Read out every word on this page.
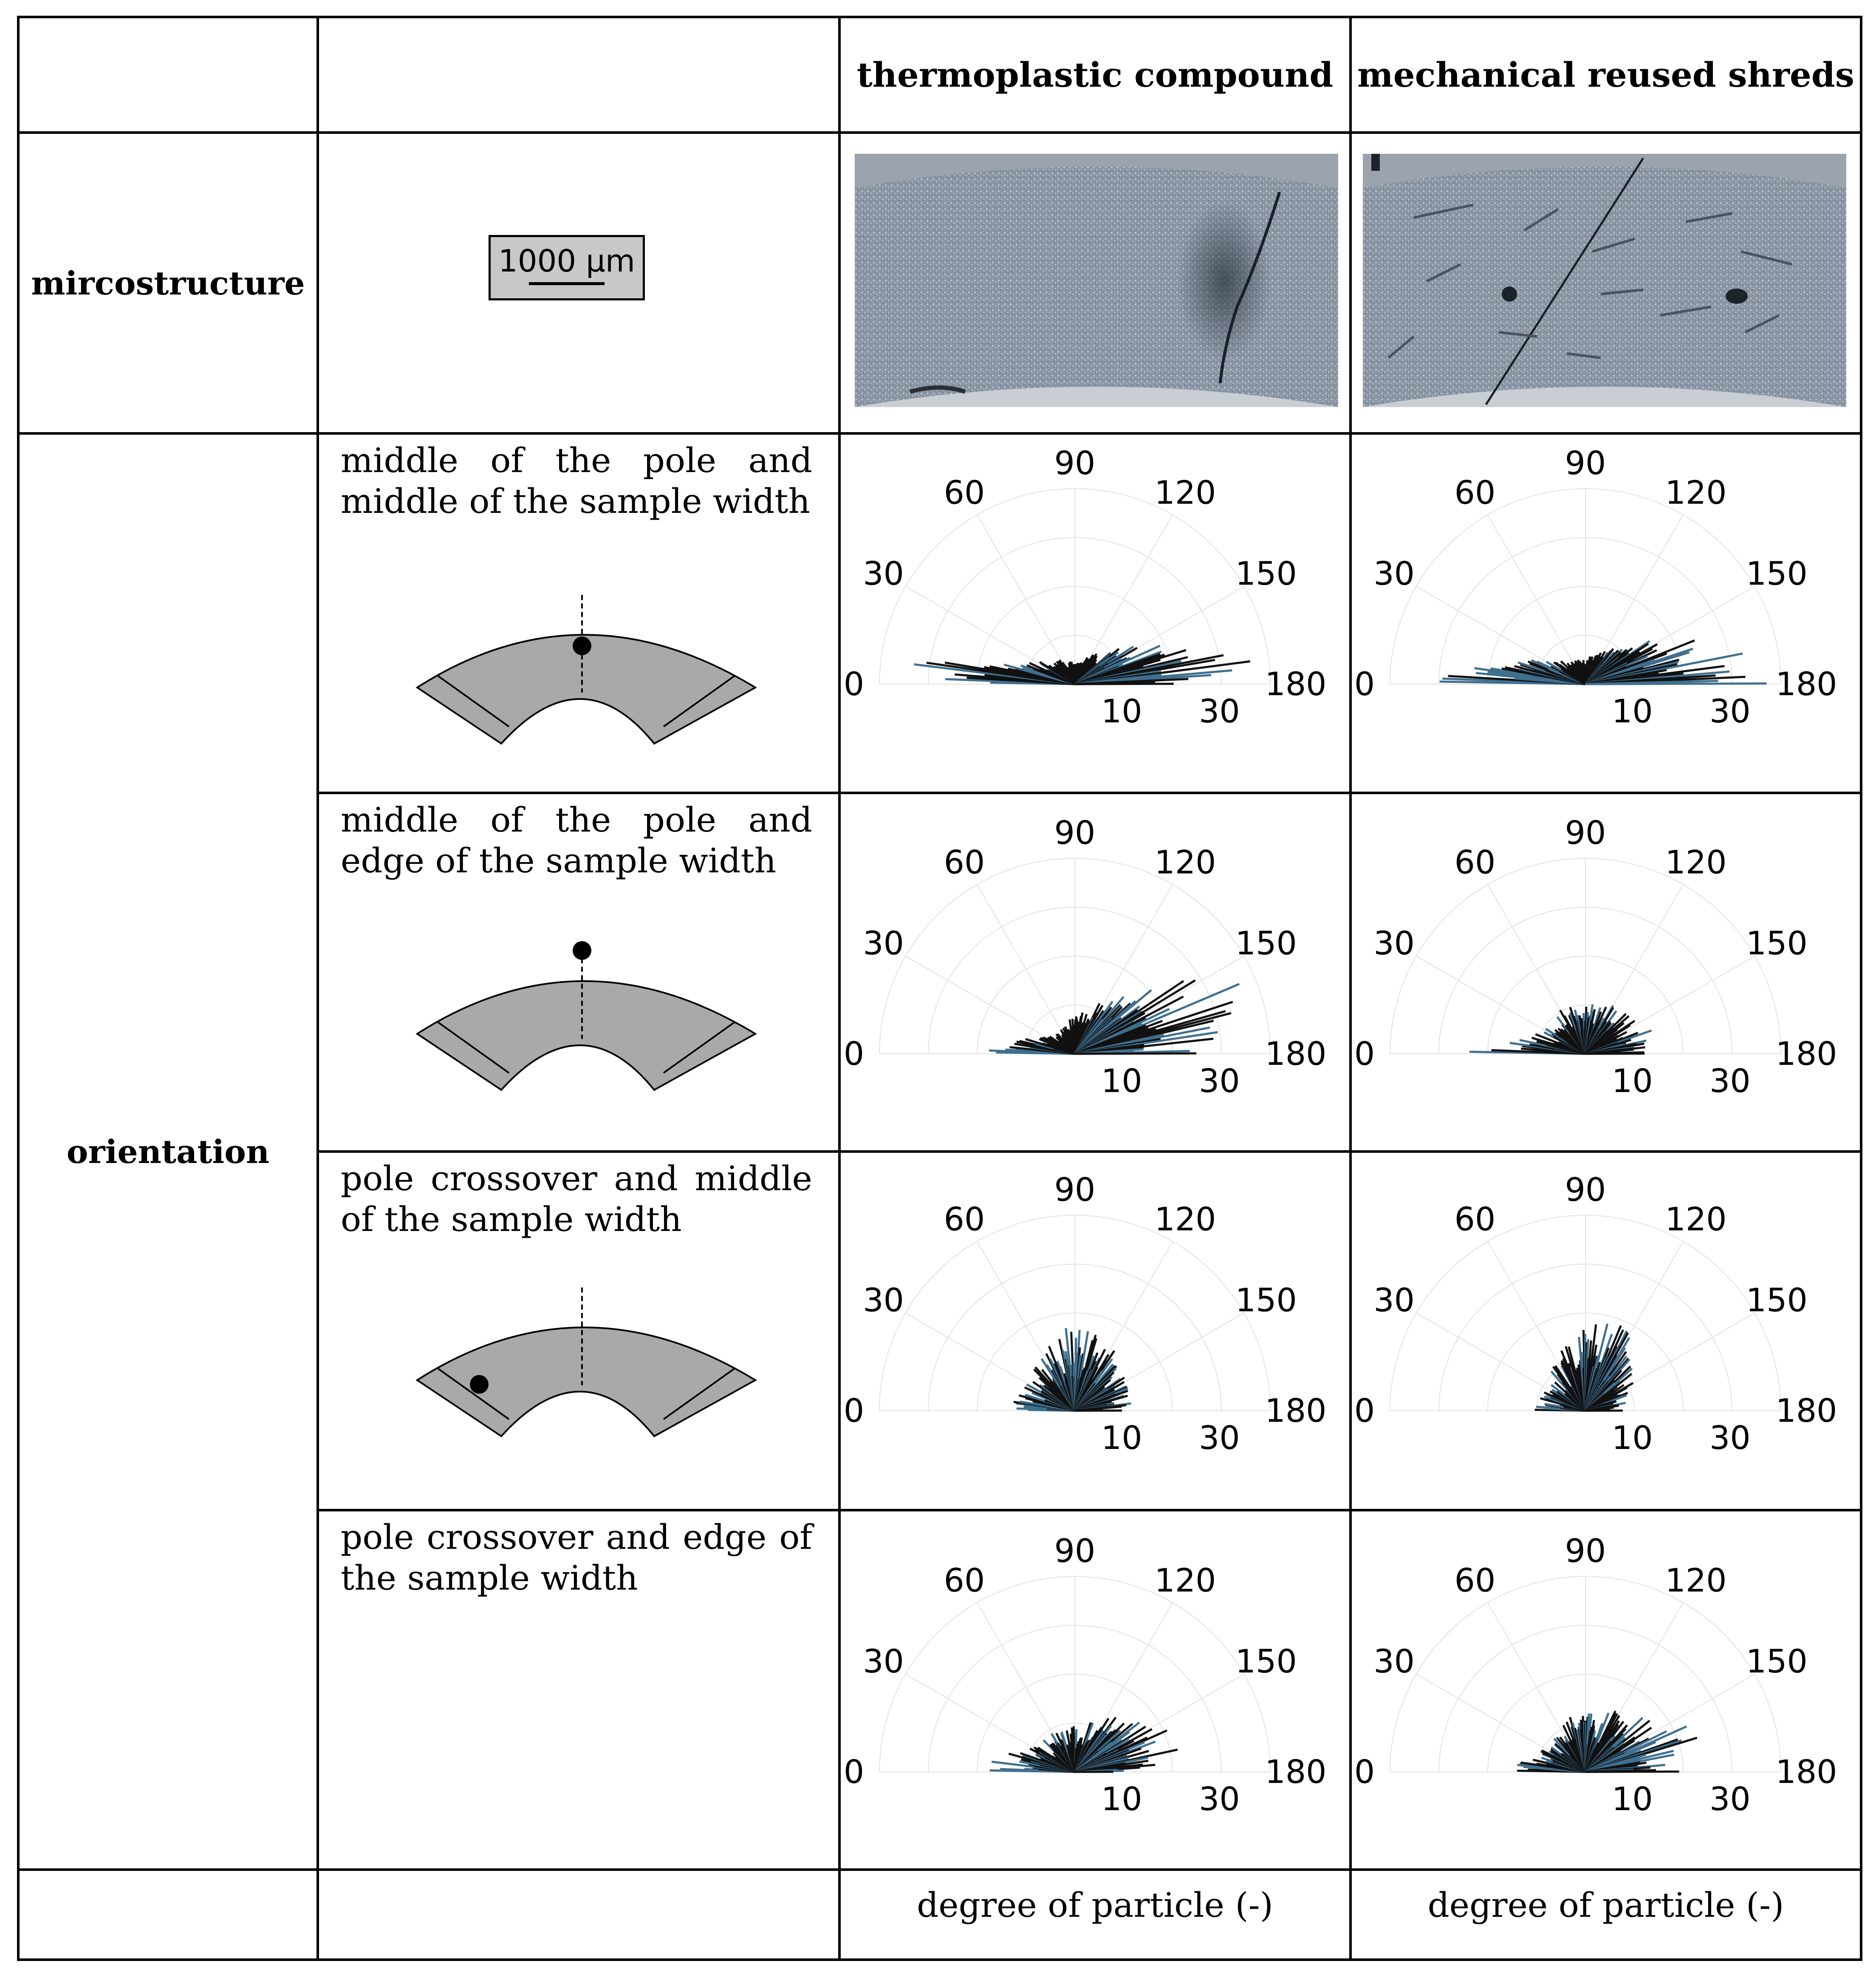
thermoplastic compound mechanical reused shreds
mircostructure
orientation
1000 µm
middle of the pole and middle of the sample width
middle of the pole and edge of the sample width
pole crossover and middle of the sample width
pole crossover and edge of the sample width
0
30
60
90
120
150
180
10 30
0
30
60
90
120
150
180
10 30
0
30
60
90
120
150
180
10 30
0
30
60
90
120
150
180
10 30
0
30
60
90
120
150
180
10 30
0
30
60
90
120
150
180
10 30
0
30
60
90
120
150
180
10 30
0
30
60
90
120
150
180
10 30
degree of particle (-)	degree of particle (-)
